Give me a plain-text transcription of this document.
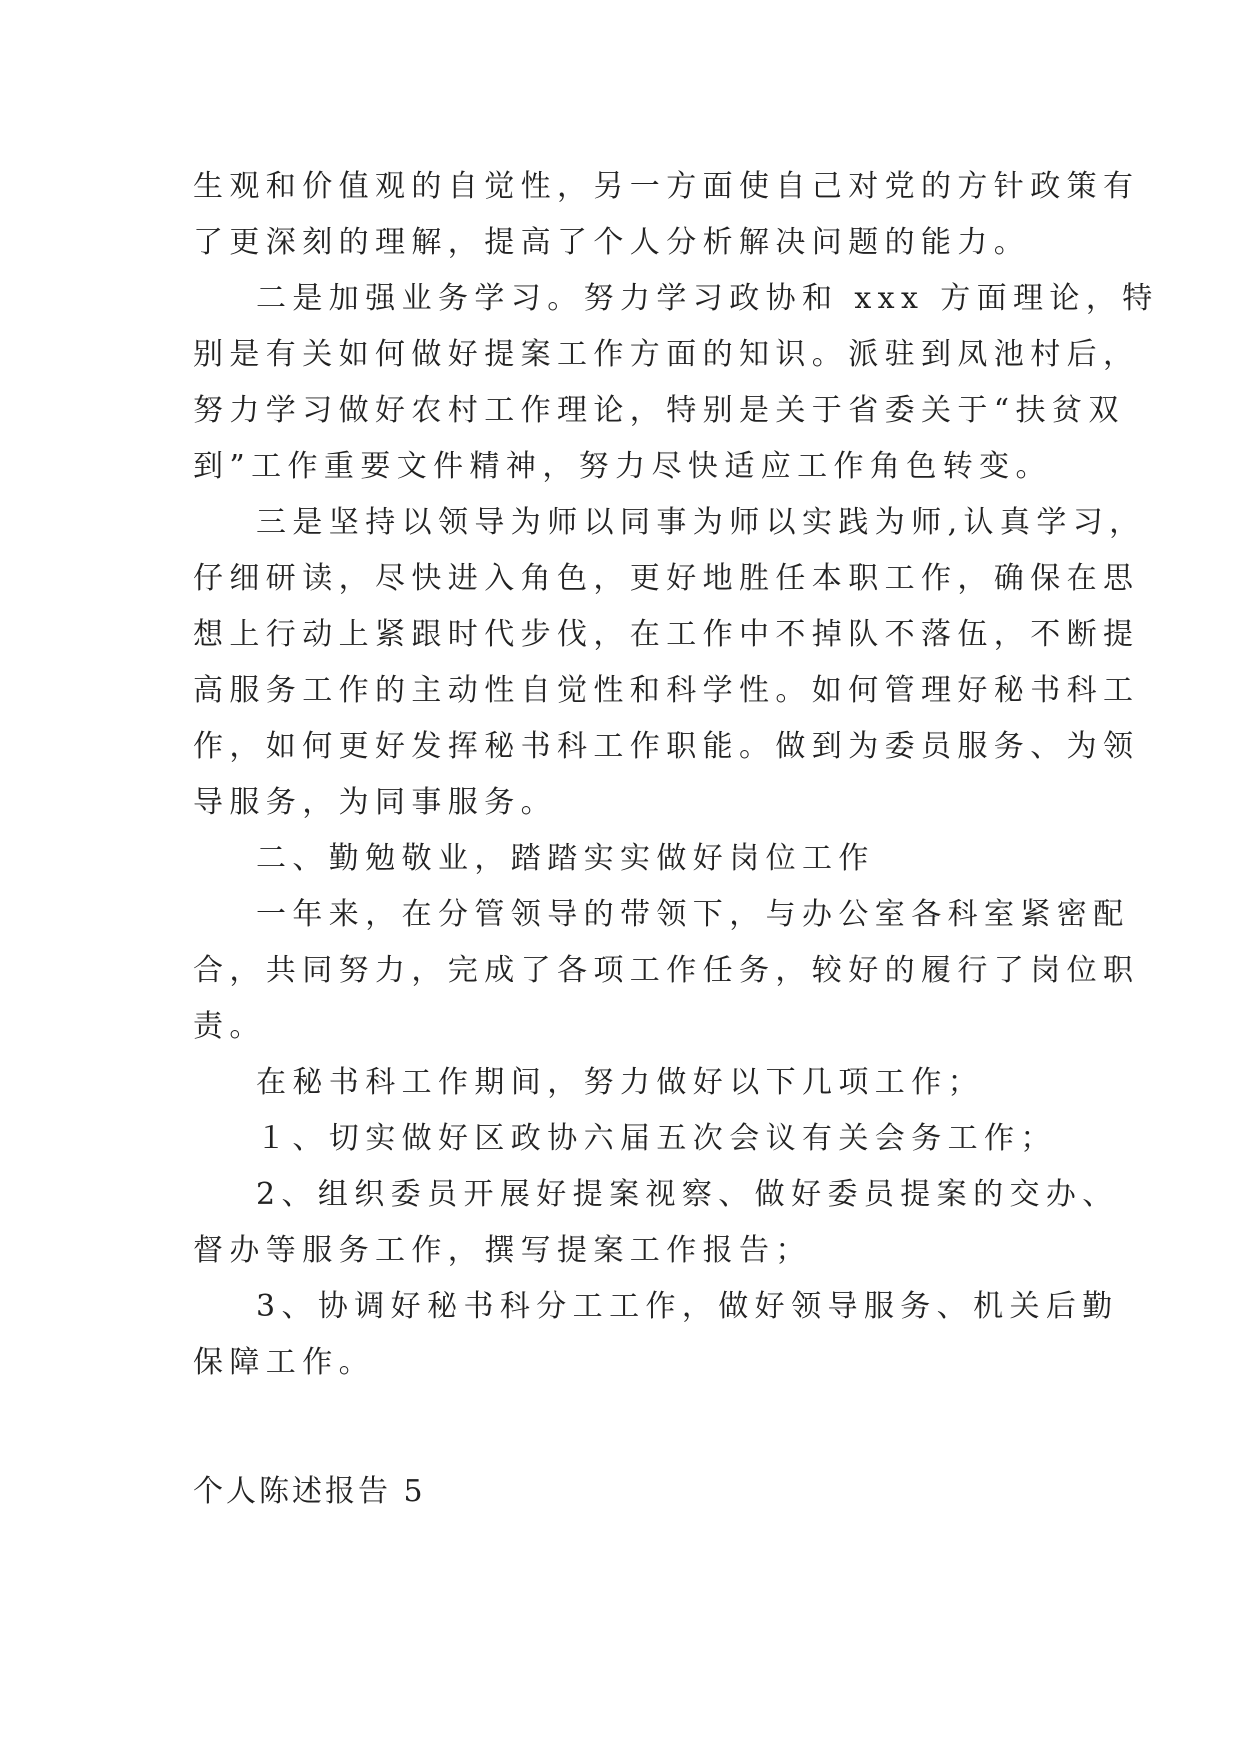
生观和价值观的自觉性，另一方面使自己对党的方针政策有
了更深刻的理解，提高了个人分析解决问题的能力。
二是加强业务学习。努力学习政协和 xxx 方面理论，特
别是有关如何做好提案工作方面的知识。派驻到凤池村后，
努力学习做好农村工作理论，特别是关于省委关于“扶贫双
到”工作重要文件精神，努力尽快适应工作角色转变。
三是坚持以领导为师以同事为师以实践为师,认真学习，
仔细研读，尽快进入角色，更好地胜任本职工作，确保在思
想上行动上紧跟时代步伐，在工作中不掉队不落伍，不断提
高服务工作的主动性自觉性和科学性。如何管理好秘书科工
作，如何更好发挥秘书科工作职能。做到为委员服务、为领
导服务，为同事服务。
二、勤勉敬业，踏踏实实做好岗位工作
一年来，在分管领导的带领下，与办公室各科室紧密配
合，共同努力，完成了各项工作任务，较好的履行了岗位职
责。
在秘书科工作期间，努力做好以下几项工作；
１、切实做好区政协六届五次会议有关会务工作；
2、组织委员开展好提案视察、做好委员提案的交办、
督办等服务工作，撰写提案工作报告；
3、协调好秘书科分工工作，做好领导服务、机关后勤
保障工作。
个人陈述报告 5
